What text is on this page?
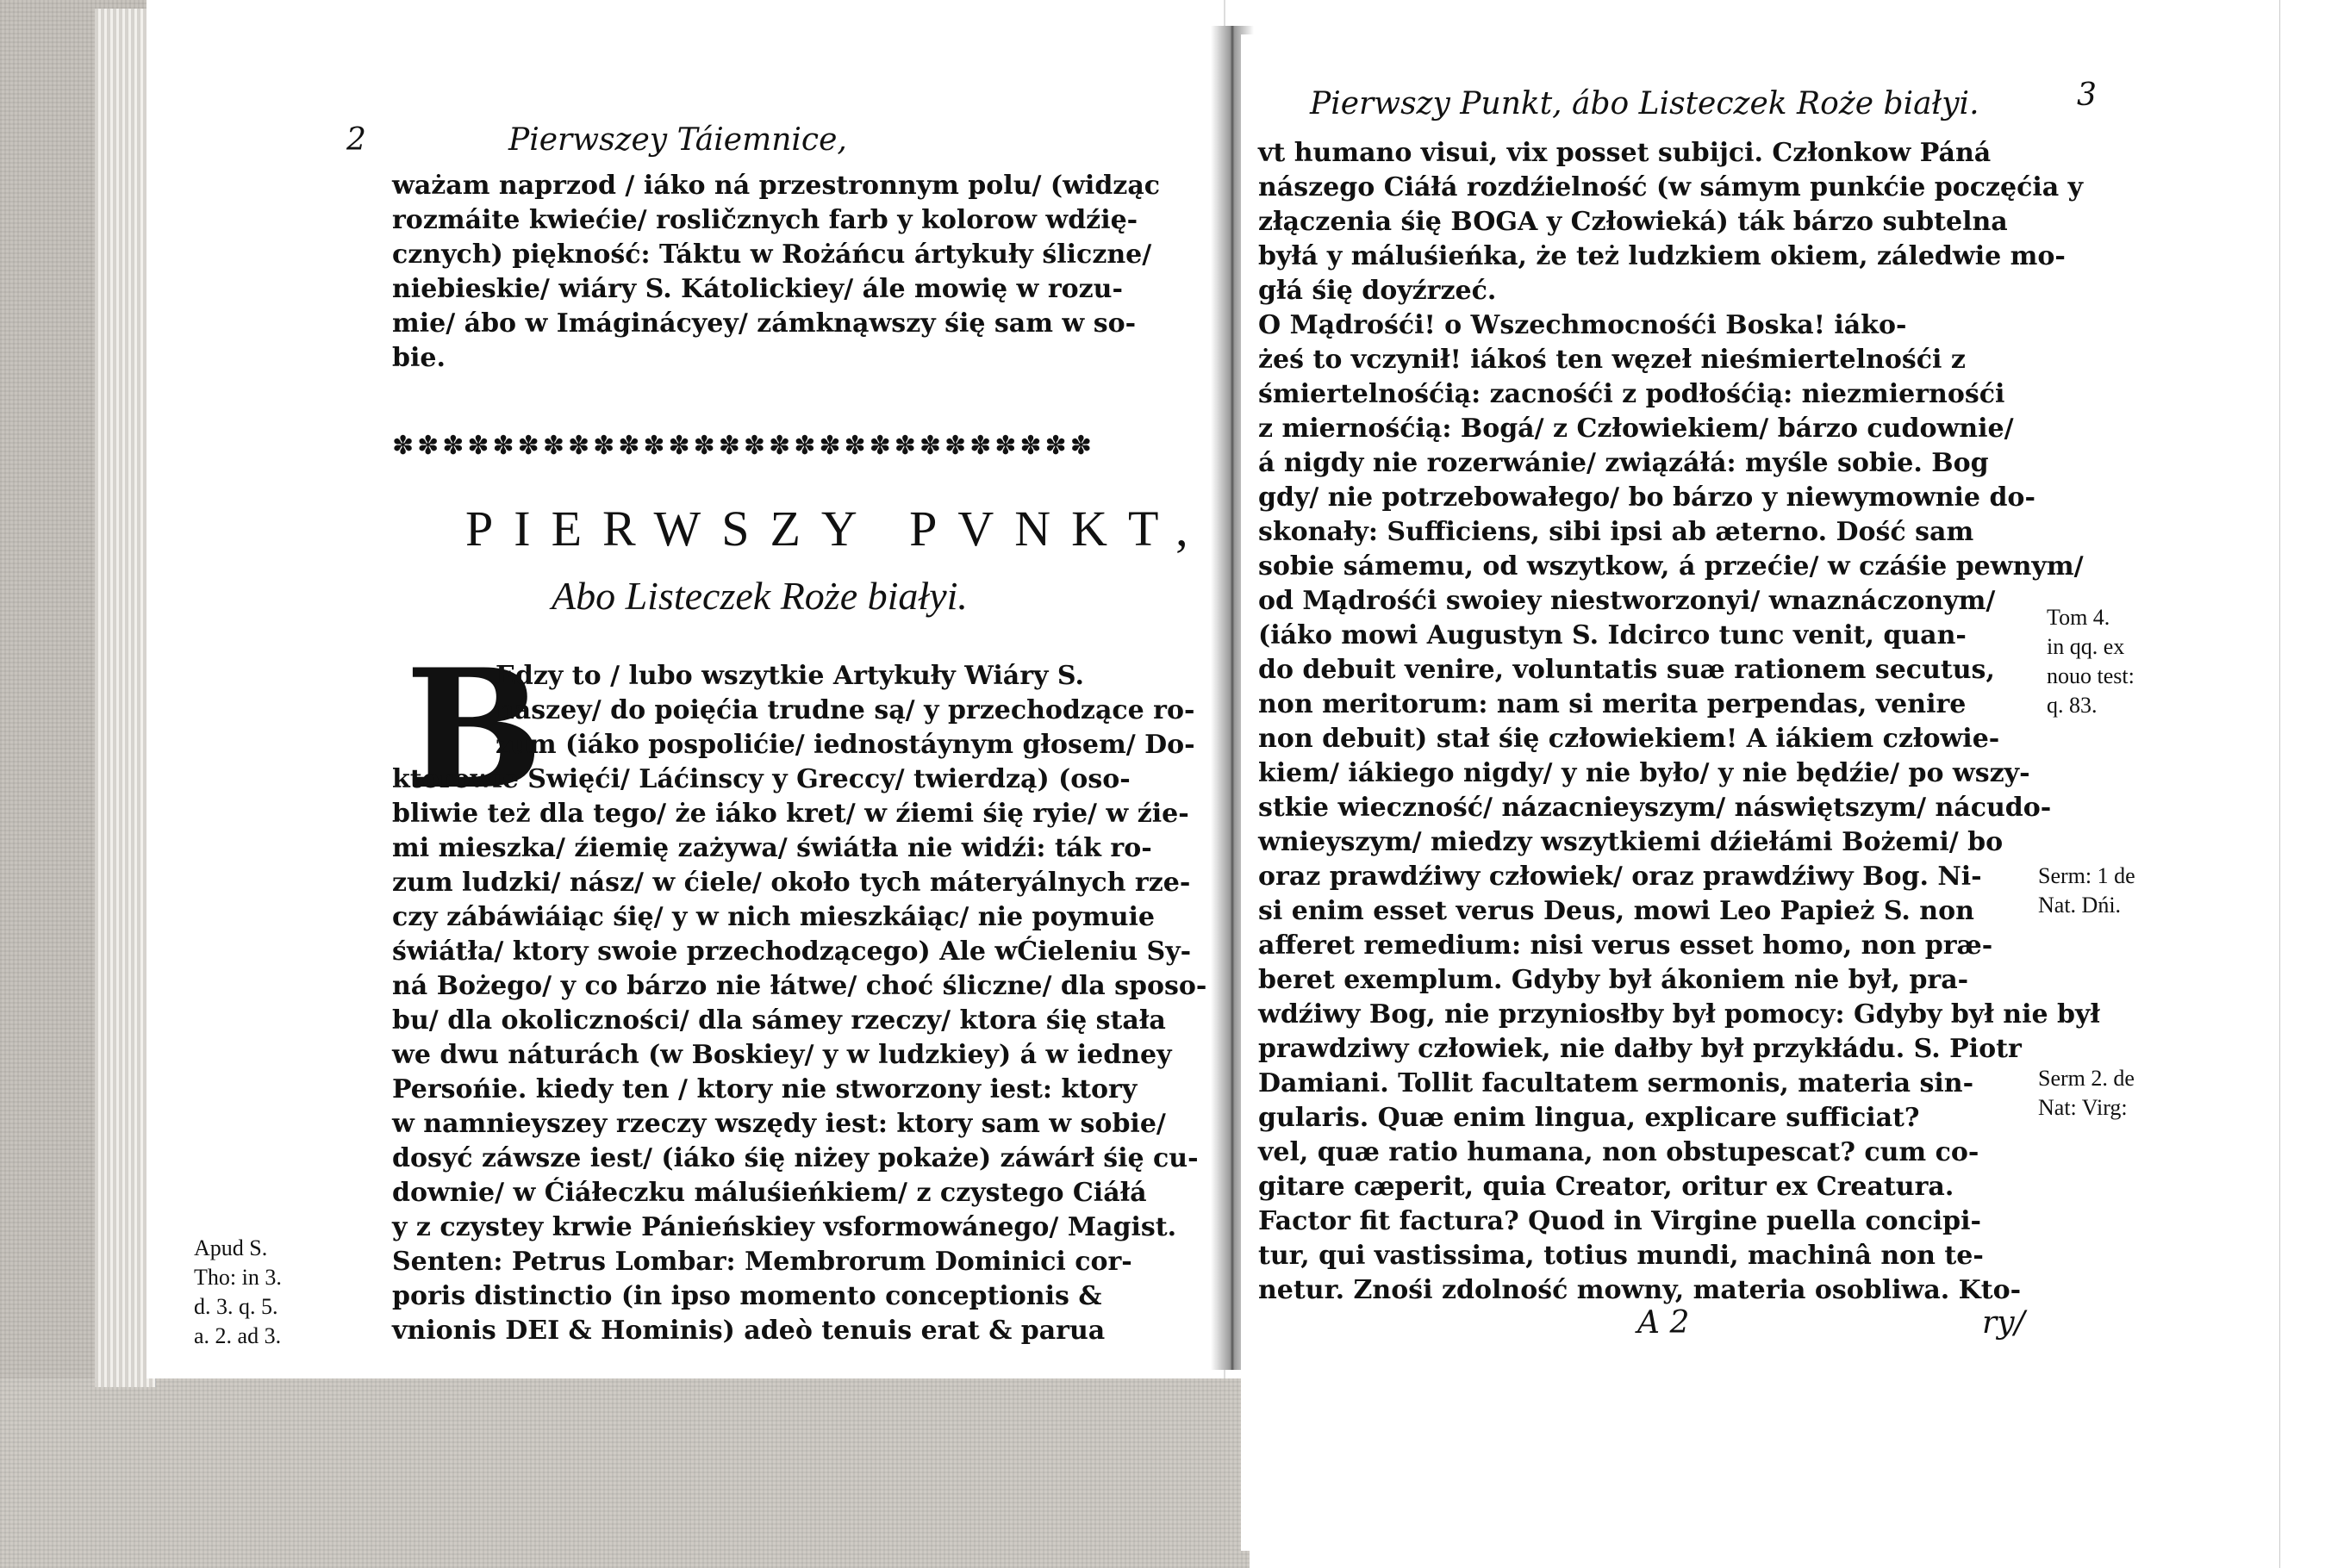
2	Pierwszey Táiemnice,

ważam naprzod / iáko ná przestronnym polu/ (widząc
rozmáite kwiećie/ rosličznych farb y kolorow wdźię-
cznych) piękność: Táktu w Rożáńcu ártykuły śliczne/
niebieskie/ wiáry S. Kátolickiey/ ále mowię w rozu-
miе/ ábo w Imáginácyey/ zámknąwszy śię sam w so-
bie.

✽✽✽✽✽✽✽✽✽✽✽✽✽✽✽✽✽✽✽✽✽✽✽✽✽✽✽✽

PIERWSZY PVNKT,

Abo Listeczek Roże białyi.

B
Edzy to / lubo wszytkie Artykuły Wiáry S.
nászey/ do poięćia trudne są/ y przechodzące ro-
zum (iáko pospolićie/ iednostáynym głosem/ Do-
ktorowie Swięći/ Láćinscy y Greccy/ twierdzą) (oso-
bliwie też dla tego/ że iáko kret/ w źiemi śię ryie/ w źie-
mi mieszka/ źiemię zażywa/ świátła nie widźi: ták ro-
zum ludzki/ nász/ w ćiele/ około tych máteryálnych rze-
czy zábáwiáiąc śię/ y w nich mieszkáiąc/ nie poymuie
świátła/ ktory swoie przechodzącego) Ale wĆieleniu Sy-
ná Bożego/ y co bárzo nie łátwe/ choć śliczne/ dla sposo-
bu/ dla okoliczności/ dla sámey rzeczy/ ktora śię stała
we dwu náturách (w Boskiey/ y w ludzkiey) á w iedney
Persońie. kiedy ten / ktory nie stworzony iest: ktory
w namnieyszey rzeczy wszędy iest: ktory sam w sobie/
dosyć záwsze iest/ (iáko śię niżey pokaże) záwárł śię cu-
downie/ w Ćiáłeczku máluśieńkiem/ z czystego Ciáłá
y z czystey krwie Pánieńskiey vsformowánego/ Magist.
Senten: Petrus Lombar: Membrorum Dominici cor-
poris distinctio (in ipso momento conceptionis &
vnionis DEI & Hominis) adeò tenuis erat & parua
Apud S.
Tho: in 3.
d. 3. q. 5.
a. 2. ad 3.

Pierwszy Punkt, ábo Listeczek Roże białyi.	3

vt humano visui, vix posset subijci. Członkow Páná
nászego Ciáłá rozdźielność (w sámym punkćie poczęćia y
złączenia śię BOGA y Człowieká) ták bárzo subtelna
byłá y máluśieńka, że też ludzkiem okiem, záledwie mo-
głá śię doyźrzeć.
O Mądrośći! o Wszechmocnośći Boska! iáko-
żeś to vczynił! iákoś ten węzeł nieśmiertelnośći z
śmiertelnośćią: zacnośći z podłośćią: niezmiernośći
z miernośćią: Bogá/ z Człowiekiem/ bárzo cudownie/
á nigdy nie rozerwánie/ związáłá: myśle sobie. Bog
gdy/ nie potrzebowałego/ bo bárzo y niewymownie do-
skonały: Sufficiens, sibi ipsi ab æterno. Dość sam
sobie sámemu, od wszytkow, á przećie/ w czáśie pewnym/
od Mądrośći swoiey niestworzonyi/ wnaznáczonym/
(iáko mowi Augustyn S. Idcirco tunc venit, quan-
do debuit venire, voluntatis suæ rationem secutus,
non meritorum: nam si merita perpendas, venire
non debuit) stał śię człowiekiem! A iákiem człowie-
kiem/ iákiego nigdy/ y nie było/ y nie będźie/ po wszy-
stkie wieczność/ názacnieyszym/ náswiętszym/ nácudo-
wnieyszym/ miedzy wszytkiemi dźiełámi Bożemi/ bo
oraz prawdźiwy człowiek/ oraz prawdźiwy Bog. Ni-
si enim esset verus Deus, mowi Leo Papież S. non
afferet remedium: nisi verus esset homo, non præ-
beret exemplum. Gdyby był ákoniem nie był, pra-
wdźiwy Bog, nie przyniosłby był pomocy: Gdyby był nie był
prawdziwy człowiek, nie dałby był przykłádu. S. Piotr
Damiani. Tollit facultatem sermonis, materia sin-
gularis. Quæ enim lingua, explicare sufficiat?
vel, quæ ratio humana, non obstupescat? cum co-
gitare cæperit, quia Creator, oritur ex Creatura.
Factor fit factura? Quod in Virgine puella concipi-
tur, qui vastissima, totius mundi, machinâ non te-
netur. Znośi zdolność mowny, materia osobliwa. Kto-

A 2	ry/

Tom 4.
in qq. ex
nouo test:
q. 83.
Serm: 1 de
Nat. Dńi.
Serm 2. de
Nat: Virg:
